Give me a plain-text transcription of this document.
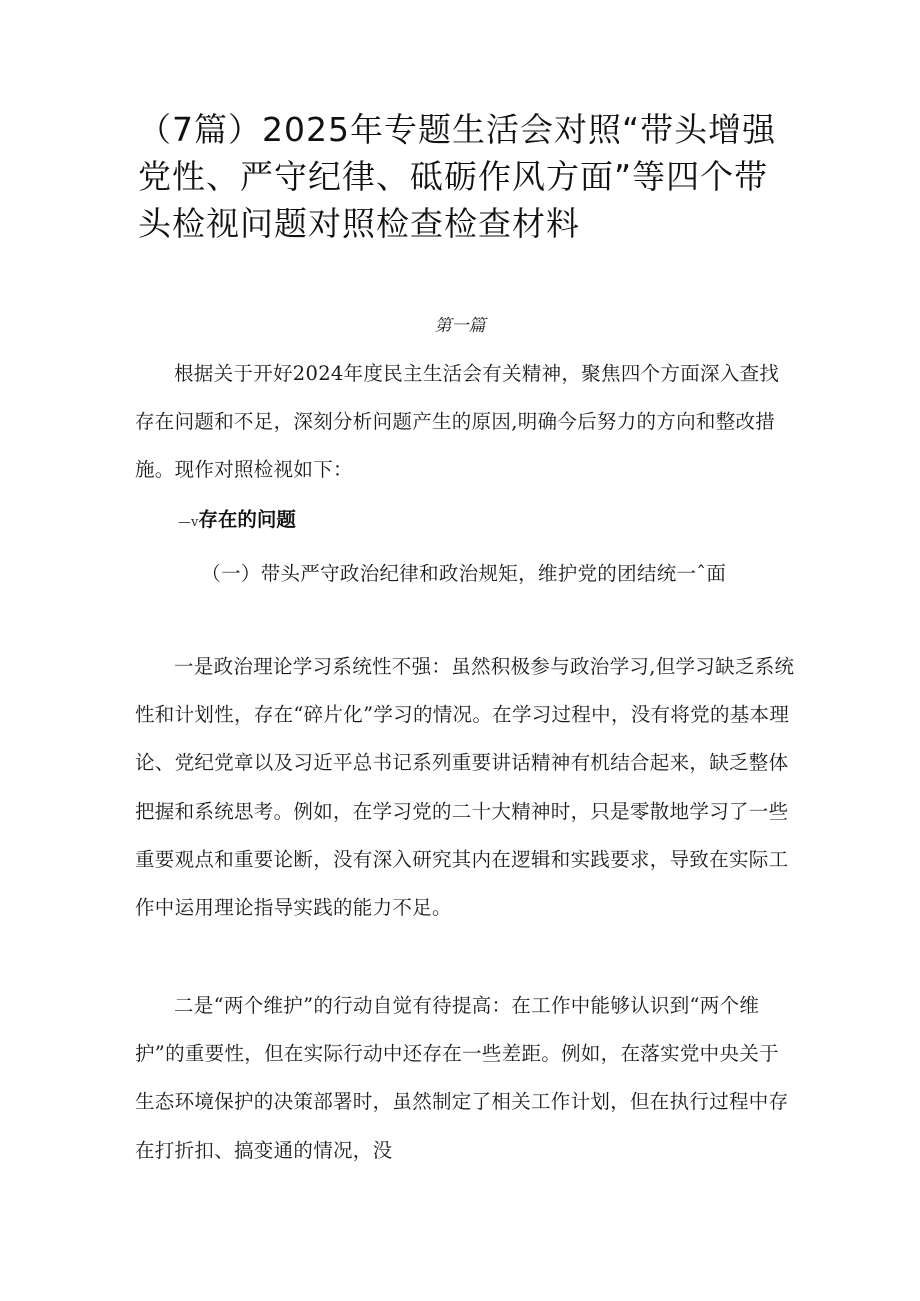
（7篇）2025年专题生活会对照“带头增强党性、严守纪律、砥砺作风方面”等四个带头检视问题对照检查检查材料
第一篇

根据关于开好2024年度民主生活会有关精神，聚焦四个方面深入查找存在问题和不足，深刻分析问题产生的原因,明确今后努力的方向和整改措施。现作对照检视如下：

—v存在的问题

（一）带头严守政治纪律和政治规矩，维护党的团结统一ˆ面

一是政治理论学习系统性不强：虽然积极参与政治学习,但学习缺乏系统性和计划性，存在“碎片化”学习的情况。在学习过程中，没有将党的基本理论、党纪党章以及习近平总书记系列重要讲话精神有机结合起来，缺乏整体把握和系统思考。例如，在学习党的二十大精神时，只是零散地学习了一些重要观点和重要论断，没有深入研究其内在逻辑和实践要求，导致在实际工作中运用理论指导实践的能力不足。

二是“两个维护”的行动自觉有待提高：在工作中能够认识到“两个维护”的重要性，但在实际行动中还存在一些差距。例如，在落实党中央关于生态环境保护的决策部署时，虽然制定了相关工作计划，但在执行过程中存在打折扣、搞变通的情况，没
